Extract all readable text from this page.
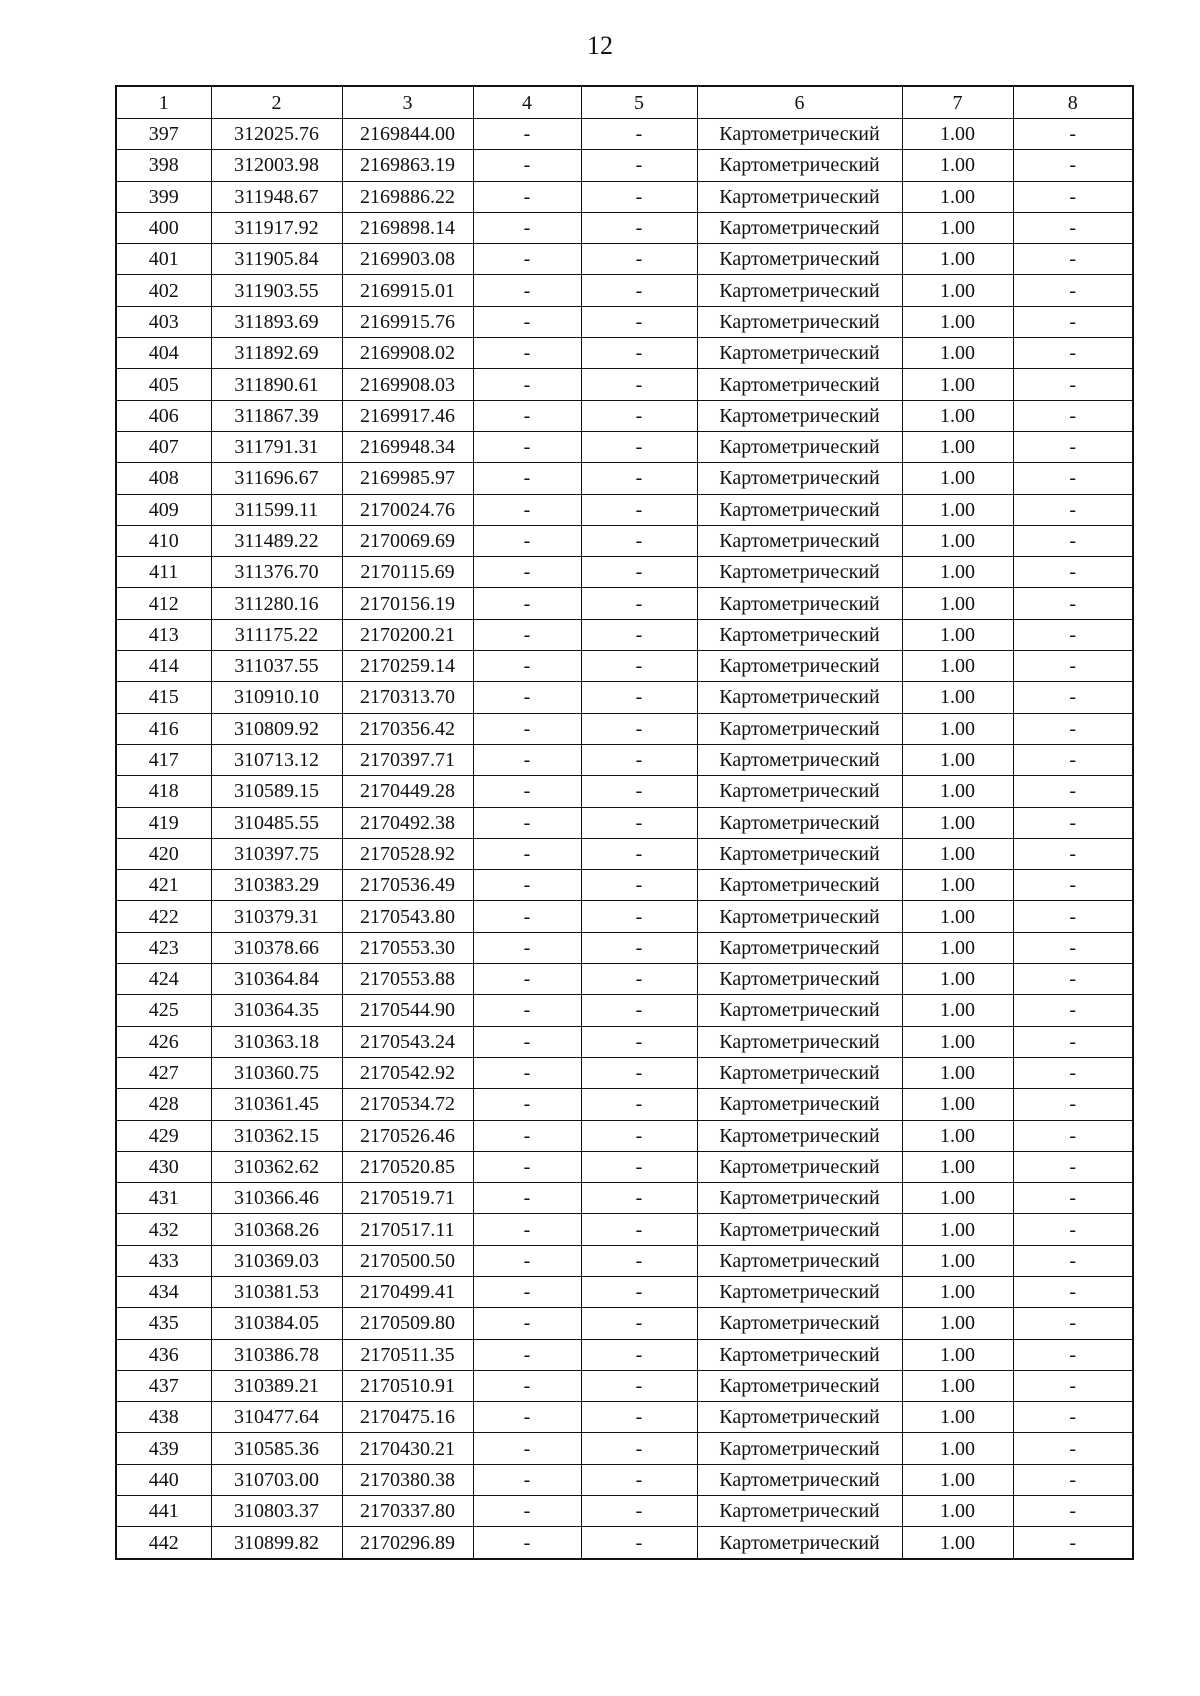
12
1	2	3	4	5	6	7	8
397	312025.76	2169844.00	-	-	Картометрический	1.00	-
398	312003.98	2169863.19	-	-	Картометрический	1.00	-
399	311948.67	2169886.22	-	-	Картометрический	1.00	-
400	311917.92	2169898.14	-	-	Картометрический	1.00	-
401	311905.84	2169903.08	-	-	Картометрический	1.00	-
402	311903.55	2169915.01	-	-	Картометрический	1.00	-
403	311893.69	2169915.76	-	-	Картометрический	1.00	-
404	311892.69	2169908.02	-	-	Картометрический	1.00	-
405	311890.61	2169908.03	-	-	Картометрический	1.00	-
406	311867.39	2169917.46	-	-	Картометрический	1.00	-
407	311791.31	2169948.34	-	-	Картометрический	1.00	-
408	311696.67	2169985.97	-	-	Картометрический	1.00	-
409	311599.11	2170024.76	-	-	Картометрический	1.00	-
410	311489.22	2170069.69	-	-	Картометрический	1.00	-
411	311376.70	2170115.69	-	-	Картометрический	1.00	-
412	311280.16	2170156.19	-	-	Картометрический	1.00	-
413	311175.22	2170200.21	-	-	Картометрический	1.00	-
414	311037.55	2170259.14	-	-	Картометрический	1.00	-
415	310910.10	2170313.70	-	-	Картометрический	1.00	-
416	310809.92	2170356.42	-	-	Картометрический	1.00	-
417	310713.12	2170397.71	-	-	Картометрический	1.00	-
418	310589.15	2170449.28	-	-	Картометрический	1.00	-
419	310485.55	2170492.38	-	-	Картометрический	1.00	-
420	310397.75	2170528.92	-	-	Картометрический	1.00	-
421	310383.29	2170536.49	-	-	Картометрический	1.00	-
422	310379.31	2170543.80	-	-	Картометрический	1.00	-
423	310378.66	2170553.30	-	-	Картометрический	1.00	-
424	310364.84	2170553.88	-	-	Картометрический	1.00	-
425	310364.35	2170544.90	-	-	Картометрический	1.00	-
426	310363.18	2170543.24	-	-	Картометрический	1.00	-
427	310360.75	2170542.92	-	-	Картометрический	1.00	-
428	310361.45	2170534.72	-	-	Картометрический	1.00	-
429	310362.15	2170526.46	-	-	Картометрический	1.00	-
430	310362.62	2170520.85	-	-	Картометрический	1.00	-
431	310366.46	2170519.71	-	-	Картометрический	1.00	-
432	310368.26	2170517.11	-	-	Картометрический	1.00	-
433	310369.03	2170500.50	-	-	Картометрический	1.00	-
434	310381.53	2170499.41	-	-	Картометрический	1.00	-
435	310384.05	2170509.80	-	-	Картометрический	1.00	-
436	310386.78	2170511.35	-	-	Картометрический	1.00	-
437	310389.21	2170510.91	-	-	Картометрический	1.00	-
438	310477.64	2170475.16	-	-	Картометрический	1.00	-
439	310585.36	2170430.21	-	-	Картометрический	1.00	-
440	310703.00	2170380.38	-	-	Картометрический	1.00	-
441	310803.37	2170337.80	-	-	Картометрический	1.00	-
442	310899.82	2170296.89	-	-	Картометрический	1.00	-
